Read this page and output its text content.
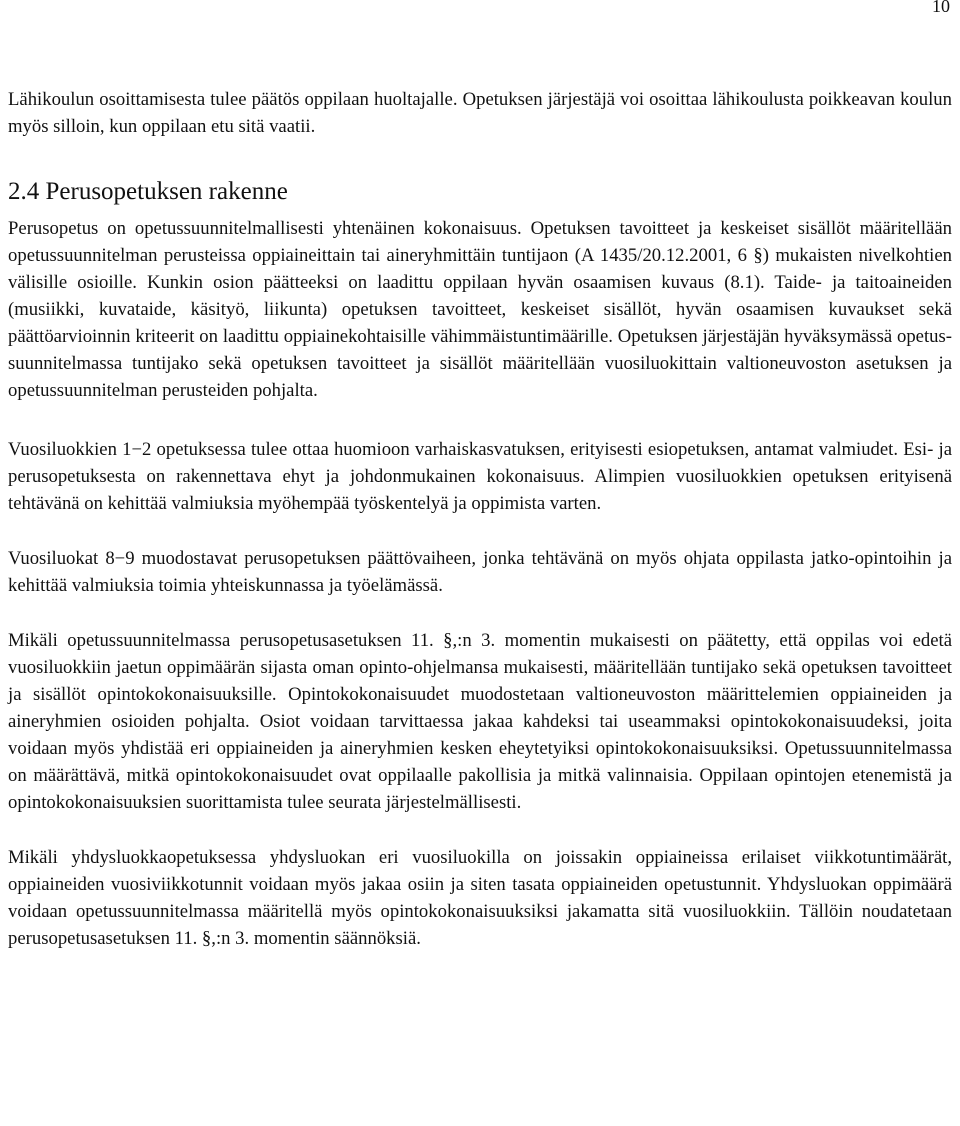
10

Lähikoulun osoittamisesta tulee päätös oppilaan huoltajalle. Opetuksen järjestäjä voi osoittaa lähikoulusta poikkeavan koulun myös silloin, kun oppilaan etu sitä vaatii.

2.4 Perusopetuksen rakenne

Perusopetus on opetussuunnitelmallisesti yhtenäinen kokonaisuus. Opetuksen tavoitteet ja keskeiset sisällöt määritellään opetussuunnitelman perusteissa oppiaineittain tai aineryhmittäin tuntijaon (A 1435/20.12.2001, 6 §) mukaisten nivelkohtien välisille osioille. Kunkin osion päätteeksi on laadittu oppilaan hyvän osaamisen kuvaus (8.1). Taide- ja taitoaineiden (musiikki, kuvataide, käsityö, liikunta) opetuksen tavoitteet, keskeiset sisällöt, hyvän osaamisen kuvaukset sekä päättöarvioinnin kriteerit on laadittu oppiainekohtaisille vähimmäistuntimäärille. Opetuksen järjestäjän hyväksymässä opetus-suunnitelmassa tuntijako sekä opetuksen tavoitteet ja sisällöt määritellään vuosiluokittain valtioneuvoston asetuksen ja opetussuunnitelman perusteiden pohjalta.

Vuosiluokkien 1−2 opetuksessa tulee ottaa huomioon varhaiskasvatuksen, erityisesti esiopetuksen, antamat valmiudet. Esi- ja perusopetuksesta on rakennettava ehyt ja johdonmukainen kokonaisuus. Alimpien vuosiluokkien opetuksen erityisenä tehtävänä on kehittää valmiuksia myöhempää työskentelyä ja oppimista varten.

Vuosiluokat 8−9 muodostavat perusopetuksen päättövaiheen, jonka tehtävänä on myös ohjata oppilasta jatko-opintoihin ja kehittää valmiuksia toimia yhteiskunnassa ja työelämässä.

Mikäli opetussuunnitelmassa perusopetusasetuksen 11. §,:n 3. momentin mukaisesti on päätetty, että oppilas voi edetä vuosiluokkiin jaetun oppimäärän sijasta oman opinto-ohjelmansa mukaisesti, määritellään tuntijako sekä opetuksen tavoitteet ja sisällöt opintokokonaisuuksille. Opintokokonaisuudet muodostetaan valtioneuvoston määrittelemien oppiaineiden ja aineryhmien osioiden pohjalta. Osiot voidaan tarvittaessa jakaa kahdeksi tai useammaksi opintokokonaisuudeksi, joita voidaan myös yhdistää eri oppiaineiden ja aineryhmien kesken eheytetyiksi opintokokonaisuuksiksi. Opetussuunnitelmassa on määrättävä, mitkä opintokokonaisuudet ovat oppilaalle pakollisia ja mitkä valinnaisia. Oppilaan opintojen etenemistä ja opintokokonaisuuksien suorittamista tulee seurata järjestelmällisesti.

Mikäli yhdysluokkaopetuksessa yhdysluokan eri vuosiluokilla on joissakin oppiaineissa erilaiset viikkotuntimäärät, oppiaineiden vuosiviikkotunnit voidaan myös jakaa osiin ja siten tasata oppiaineiden opetustunnit. Yhdysluokan oppimäärä voidaan opetussuunnitelmassa määritellä myös opintokokonaisuuksiksi jakamatta sitä vuosiluokkiin. Tällöin noudatetaan perusopetusasetuksen 11. §,:n 3. momentin säännöksiä.
